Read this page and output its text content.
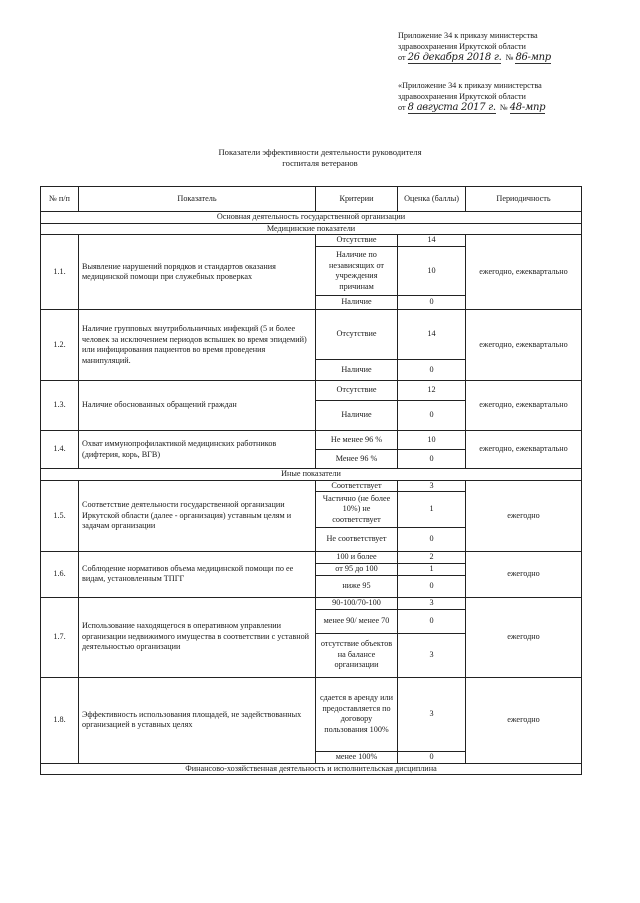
Приложение 34 к приказу министерства
здравоохранения Иркутской области
от 26 декабря 2018 г. № 86-мпр
«Приложение 34 к приказу министерства
здравоохранения Иркутской области
от 8 августа 2017 г. № 48-мпр
Показатели эффективности деятельности руководителя
госпиталя ветеранов
№ п/п	Показатель	Критерии	Оценка (баллы)	Периодичность
Основная деятельность государственной организации				
Медицинские показатели				
1.1.	Выявление нарушений порядков и стандартов оказания медицинской помощи при служебных проверках	Отсутствие	14	ежегодно, ежеквартально
		Наличие по независящих от учреждения причинам	10	
		Наличие	0	
1.2.	Наличие групповых внутрибольничных инфекций (5 и более человек за исключением периодов вспышек во время эпидемий) или инфицирования пациентов во время проведения манипуляций.	Отсутствие	14	ежегодно, ежеквартально
		Наличие	0	
1.3.	Наличие обоснованных обращений граждан	Отсутствие	12	ежегодно, ежеквартально
		Наличие	0	
1.4.	Охват иммунопрофилактикой медицинских работников (дифтерия, корь, ВГВ)	Не менее 96 %	10	ежегодно, ежеквартально
		Менее 96 %	0	
Иные показатели				
1.5.	Соответствие деятельности государственной организации Иркутской области (далее - организация) уставным целям и задачам организации	Соответствует	3	ежегодно
		Частично (не более 10%) не соответствует	1	
		Не соответствует	0	
1.6.	Соблюдение нормативов объема медицинской помощи по ее видам, установленным ТПГГ	100 и более	2	ежегодно
		от 95 до 100	1	
		ниже 95	0	
1.7.	Использование находящегося в оперативном управлении организации недвижимого имущества в соответствии с уставной деятельностью организации	90-100/70-100	3	ежегодно
		менее 90/ менее 70	0	
		отсутствие объектов на балансе организации	3	
1.8.	Эффективность использования площадей, не задействованных организацией в уставных целях	сдается в аренду или предоставляется по договору пользования 100%	3	ежегодно
		менее 100%	0	
Финансово-хозяйственная деятельность и исполнительская дисциплина				
